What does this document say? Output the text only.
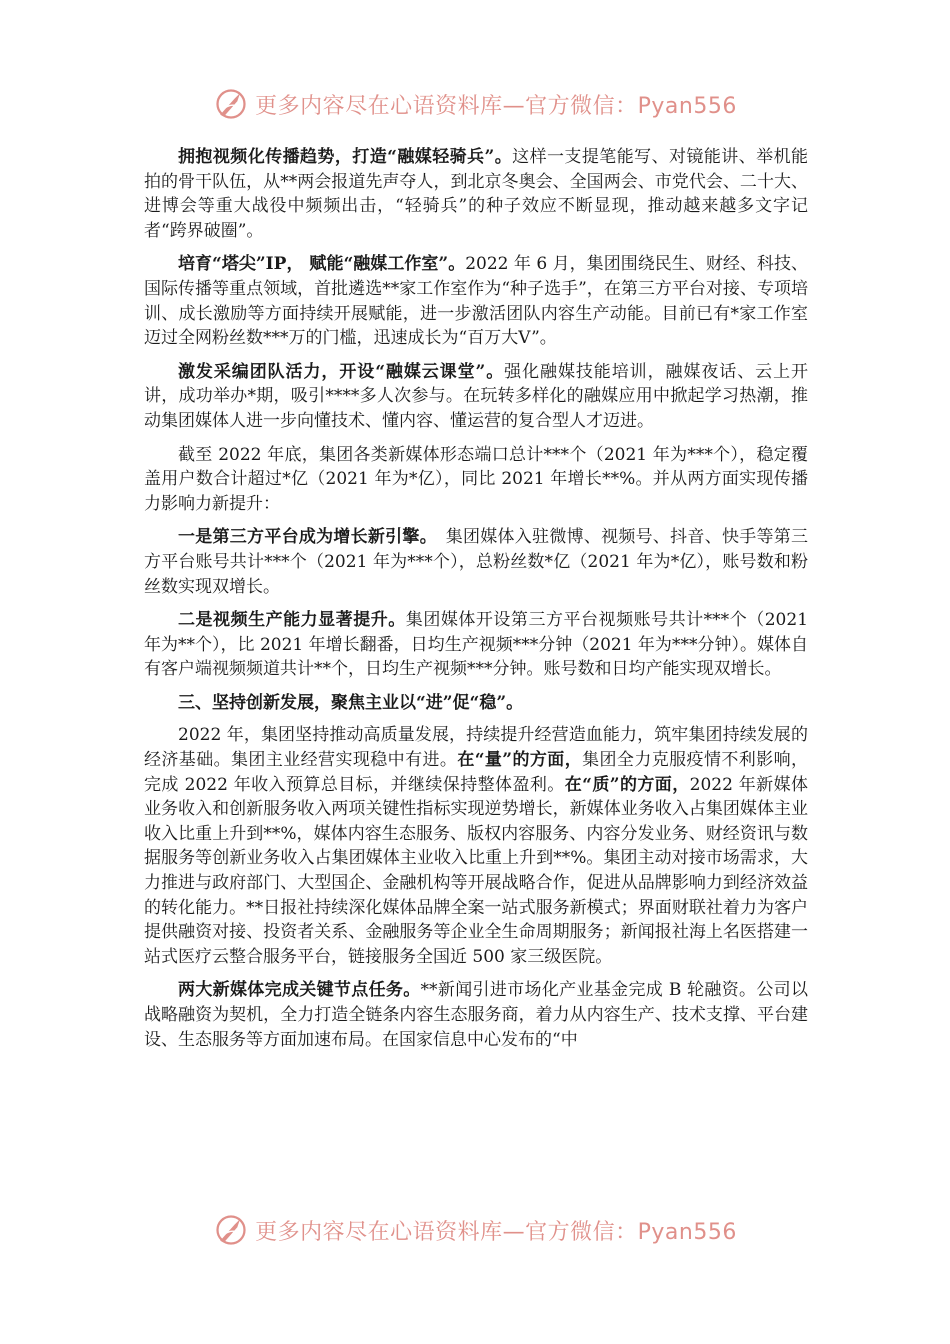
更多内容尽在心语资料库—官方微信：Pyan556

拥抱视频化传播趋势，打造“融媒轻骑兵”。这样一支提笔能写、对镜能讲、举机能拍的骨干队伍，从**两会报道先声夺人，到北京冬奥会、全国两会、市党代会、二十大、进博会等重大战役中频频出击，“轻骑兵”的种子效应不断显现，推动越来越多文字记者“跨界破圈”。

培育“塔尖”IP， 赋能“融媒工作室”。2022 年 6 月，集团围绕民生、财经、科技、国际传播等重点领域，首批遴选**家工作室作为“种子选手”，在第三方平台对接、专项培训、成长激励等方面持续开展赋能，进一步激活团队内容生产动能。目前已有*家工作室迈过全网粉丝数***万的门槛，迅速成长为“百万大V”。

激发采编团队活力，开设“融媒云课堂”。强化融媒技能培训，融媒夜话、云上开讲，成功举办*期，吸引****多人次参与。在玩转多样化的融媒应用中掀起学习热潮，推动集团媒体人进一步向懂技术、懂内容、懂运营的复合型人才迈进。

截至 2022 年底，集团各类新媒体形态端口总计***个（2021 年为***个），稳定覆盖用户数合计超过*亿（2021 年为*亿），同比 2021 年增长**%。并从两方面实现传播力影响力新提升：

一是第三方平台成为增长新引擎。　集团媒体入驻微博、视频号、抖音、快手等第三方平台账号共计***个（2021 年为***个），总粉丝数*亿（2021 年为*亿），账号数和粉丝数实现双增长。

二是视频生产能力显著提升。集团媒体开设第三方平台视频账号共计***个（2021 年为**个），比 2021 年增长翻番，日均生产视频***分钟（2021 年为***分钟）。媒体自有客户端视频频道共计**个，日均生产视频***分钟。账号数和日均产能实现双增长。

三、坚持创新发展，聚焦主业以“进”促“稳”。

2022 年，集团坚持推动高质量发展，持续提升经营造血能力，筑牢集团持续发展的经济基础。集团主业经营实现稳中有进。在“量”的方面，集团全力克服疫情不利影响，完成 2022 年收入预算总目标，并继续保持整体盈利。在“质”的方面，2022 年新媒体业务收入和创新服务收入两项关键性指标实现逆势增长，新媒体业务收入占集团媒体主业收入比重上升到**%，媒体内容生态服务、版权内容服务、内容分发业务、财经资讯与数据服务等创新业务收入占集团媒体主业收入比重上升到**%。集团主动对接市场需求，大力推进与政府部门、大型国企、金融机构等开展战略合作，促进从品牌影响力到经济效益的转化能力。**日报社持续深化媒体品牌全案一站式服务新模式；界面财联社着力为客户提供融资对接、投资者关系、金融服务等企业全生命周期服务；新闻报社海上名医搭建一站式医疗云整合服务平台，链接服务全国近 500 家三级医院。

两大新媒体完成关键节点任务。**新闻引进市场化产业基金完成 B 轮融资。公司以战略融资为契机，全力打造全链条内容生态服务商，着力从内容生产、技术支撑、平台建设、生态服务等方面加速布局。在国家信息中心发布的“中

更多内容尽在心语资料库—官方微信：Pyan556
